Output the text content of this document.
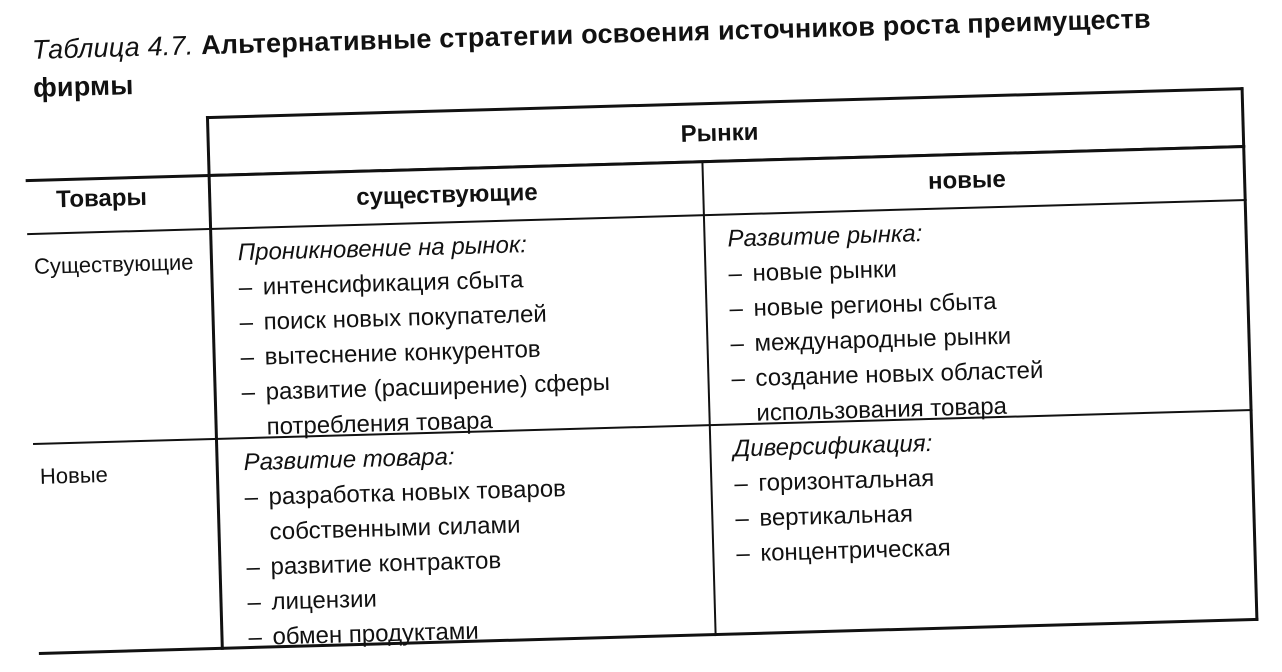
Таблица 4.7. Альтернативные стратегии освоения источников роста преимуществ фирмы
Товары
Рынки
существующие	новые
Существующие
Новые
Проникновение на рынок:
– интенсификация сбыта
– поиск новых покупателей
– вытеснение конкурентов
– развитие (расширение) сферы потребления товара
Развитие рынка:
– новые рынки
– новые регионы сбыта
– международные рынки
– создание новых областей использования товара
Развитие товара:
– разработка новых товаров собственными силами
– развитие контрактов
– лицензии
– обмен продуктами
Диверсификация:
– горизонтальная
– вертикальная
– концентрическая
